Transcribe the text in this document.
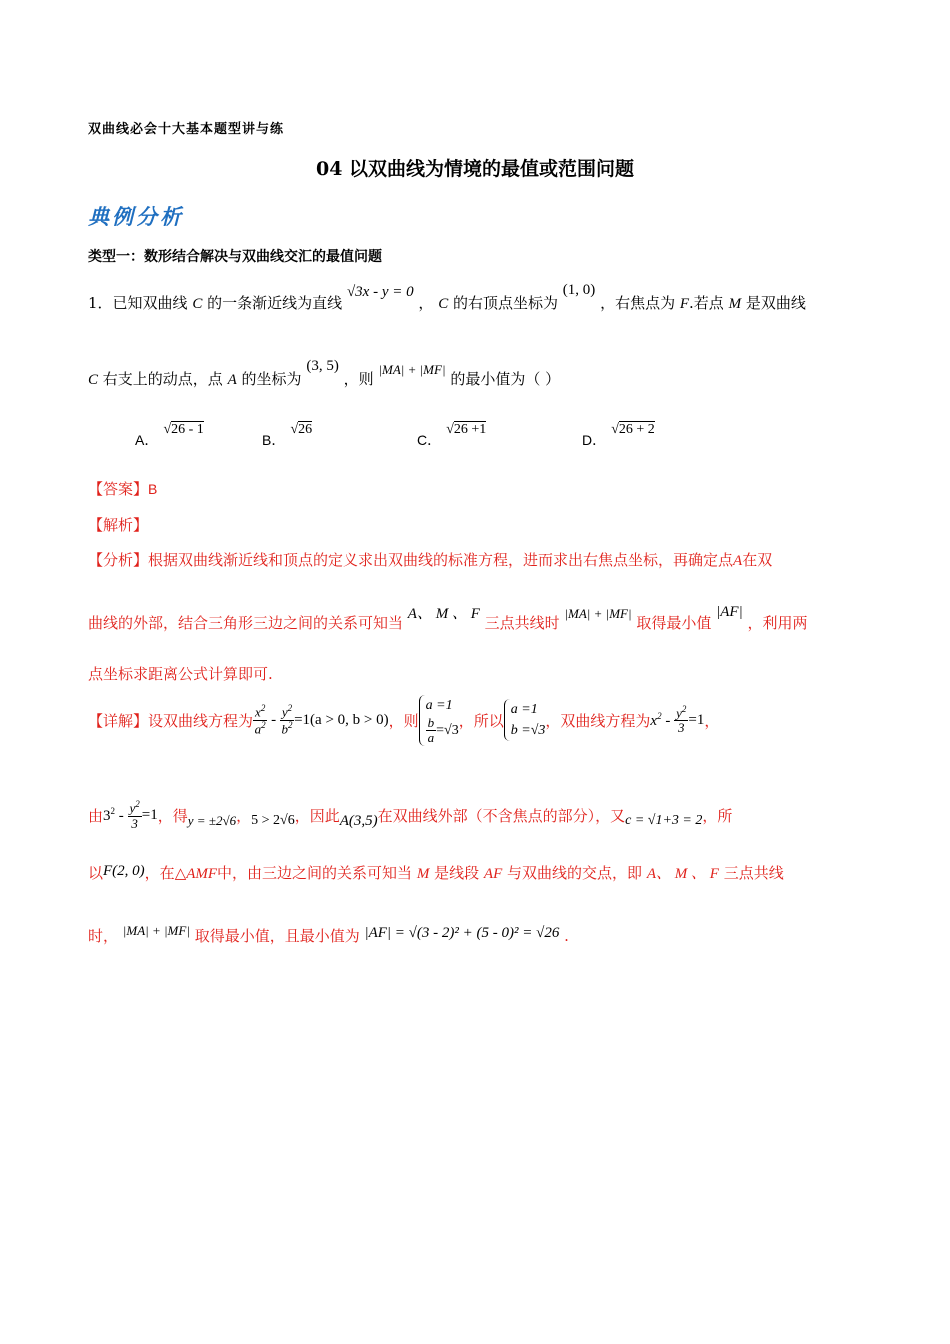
双曲线必会十大基本题型讲与练
04 以双曲线为情境的最值或范围问题
典例分析
类型一：数形结合解决与双曲线交汇的最值问题
1．已知双曲线 C 的一条渐近线为直线 √3x - y = 0 ， C 的右顶点坐标为 (1, 0) ，右焦点为 F.若点 M 是双曲线
C 右支上的动点，点 A 的坐标为 (3, 5) ，则 |MA| + |MF| 的最小值为（ ）
A． √26 - 1
B． √26
C． √26 +1
D． √26 + 2
【答案】B
【解析】
【分析】根据双曲线渐近线和顶点的定义求出双曲线的标准方程，进而求出右焦点坐标，再确定点A在双
曲线的外部，结合三角形三边之间的关系可知当 A、 M 、 F 三点共线时 |MA| + |MF| 取得最小值 |AF| ，利用两
点坐标求距离公式计算即可.
【详解】 设双曲线方程为 $\frac{x^2}{a^2} - \frac{y^2}{b^2} =1(a > 0$, b > 0) ，则
a =1
$\frac{b}{a} =√3$
，所以
a =1
b =√3
，双曲线方程为 $x^2 - \frac{y^2}{3} =1$ ，
由 $3^2 - \frac{y^2}{3} =1$ ，得 y = ±2√6 ， 5 > 2√6 ，因此 A(3,5) 在双曲线外部（不含焦点的部分），又 c = √1+3 = 2 ，所
以F(2, 0)，在△AMF中，由三边之间的关系可知当 M 是线段 AF 与双曲线的交点，即 A、 M 、 F 三点共线
时， |MA| + |MF| 取得最小值，且最小值为 |AF| = √(3 - 2)² + (5 - 0)² = √26 .
